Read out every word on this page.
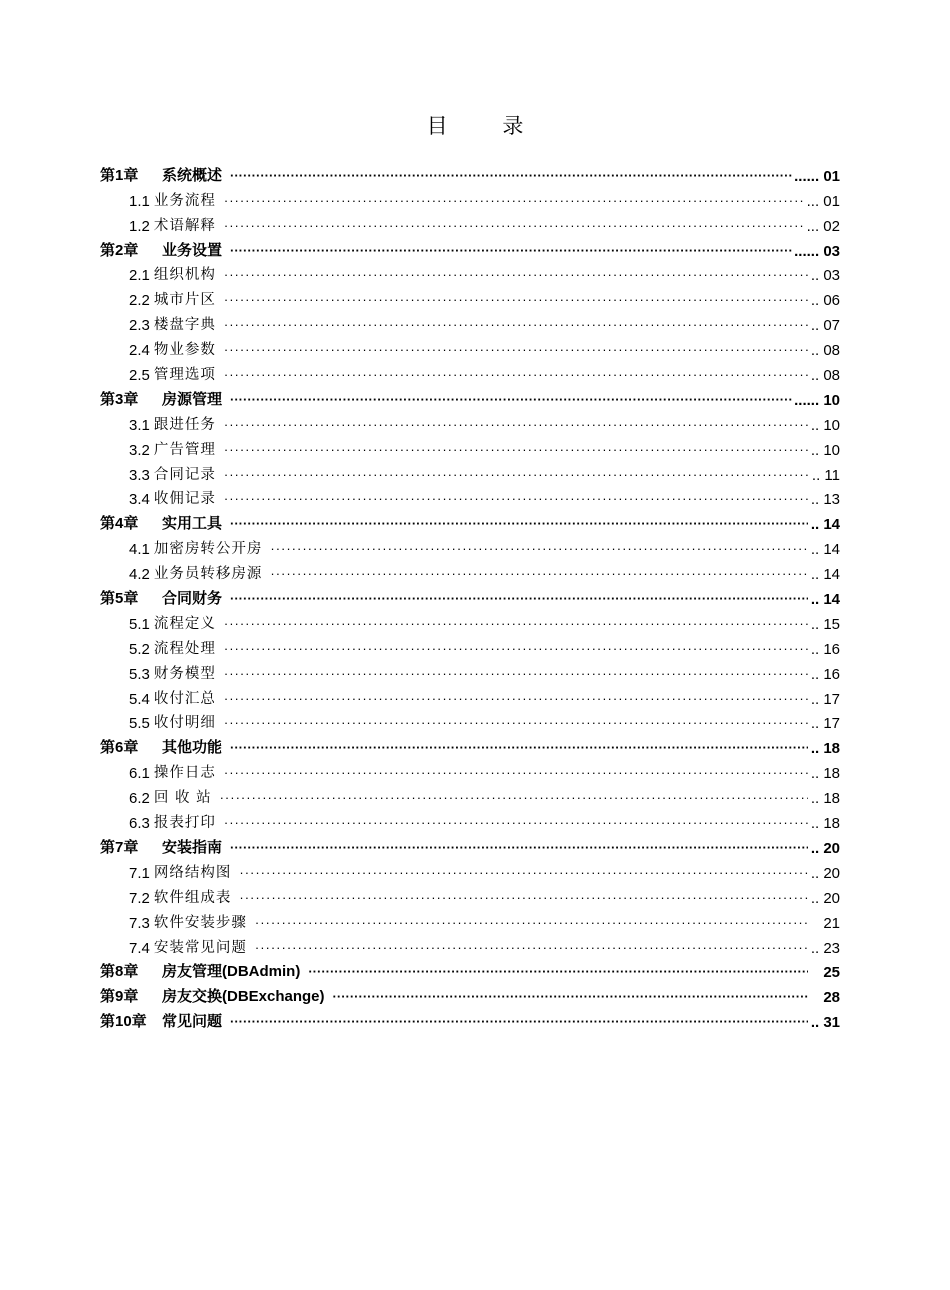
目 录
第1章	系统概述 ·····	...... 01
1.1 业务流程 ·····	... 01
1.2 术语解释 ·····	... 02
第2章	业务设置 ·····	...... 03
2.1 组织机构 ·····	.. 03
2.2 城市片区 ·····	.. 06
2.3 楼盘字典 ·····	.. 07
2.4 物业参数 ·····	.. 08
2.5 管理选项 ·····	.. 08
第3章	房源管理 ·····	...... 10
3.1 跟进任务 ·····	.. 10
3.2 广告管理 ·····	.. 10
3.3 合同记录 ·····	.. 11
3.4 收佣记录 ·····	.. 13
第4章	实用工具 ·····	.. 14
4.1 加密房转公开房 ·····	.. 14
4.2 业务员转移房源 ·····	.. 14
第5章	合同财务 ·····	.. 14
5.1 流程定义 ·····	.. 15
5.2 流程处理 ·····	.. 16
5.3 财务模型 ·····	.. 16
5.4 收付汇总 ·····	.. 17
5.5 收付明细 ·····	.. 17
第6章	其他功能 ·····	.. 18
6.1 操作日志 ·····	.. 18
6.2 回 收 站 ·····	.. 18
6.3 报表打印 ·····	.. 18
第7章	安装指南 ·····	.. 20
7.1 网络结构图 ·····	.. 20
7.2 软件组成表 ·····	.. 20
7.3 软件安装步骤 ·····	21
7.4 安装常见问题 ·····	.. 23
第8章	房友管理(DBAdmin) ·····	25
第9章	房友交换(DBExchange) ·····	28
第10章	常见问题 ·····	.. 31
